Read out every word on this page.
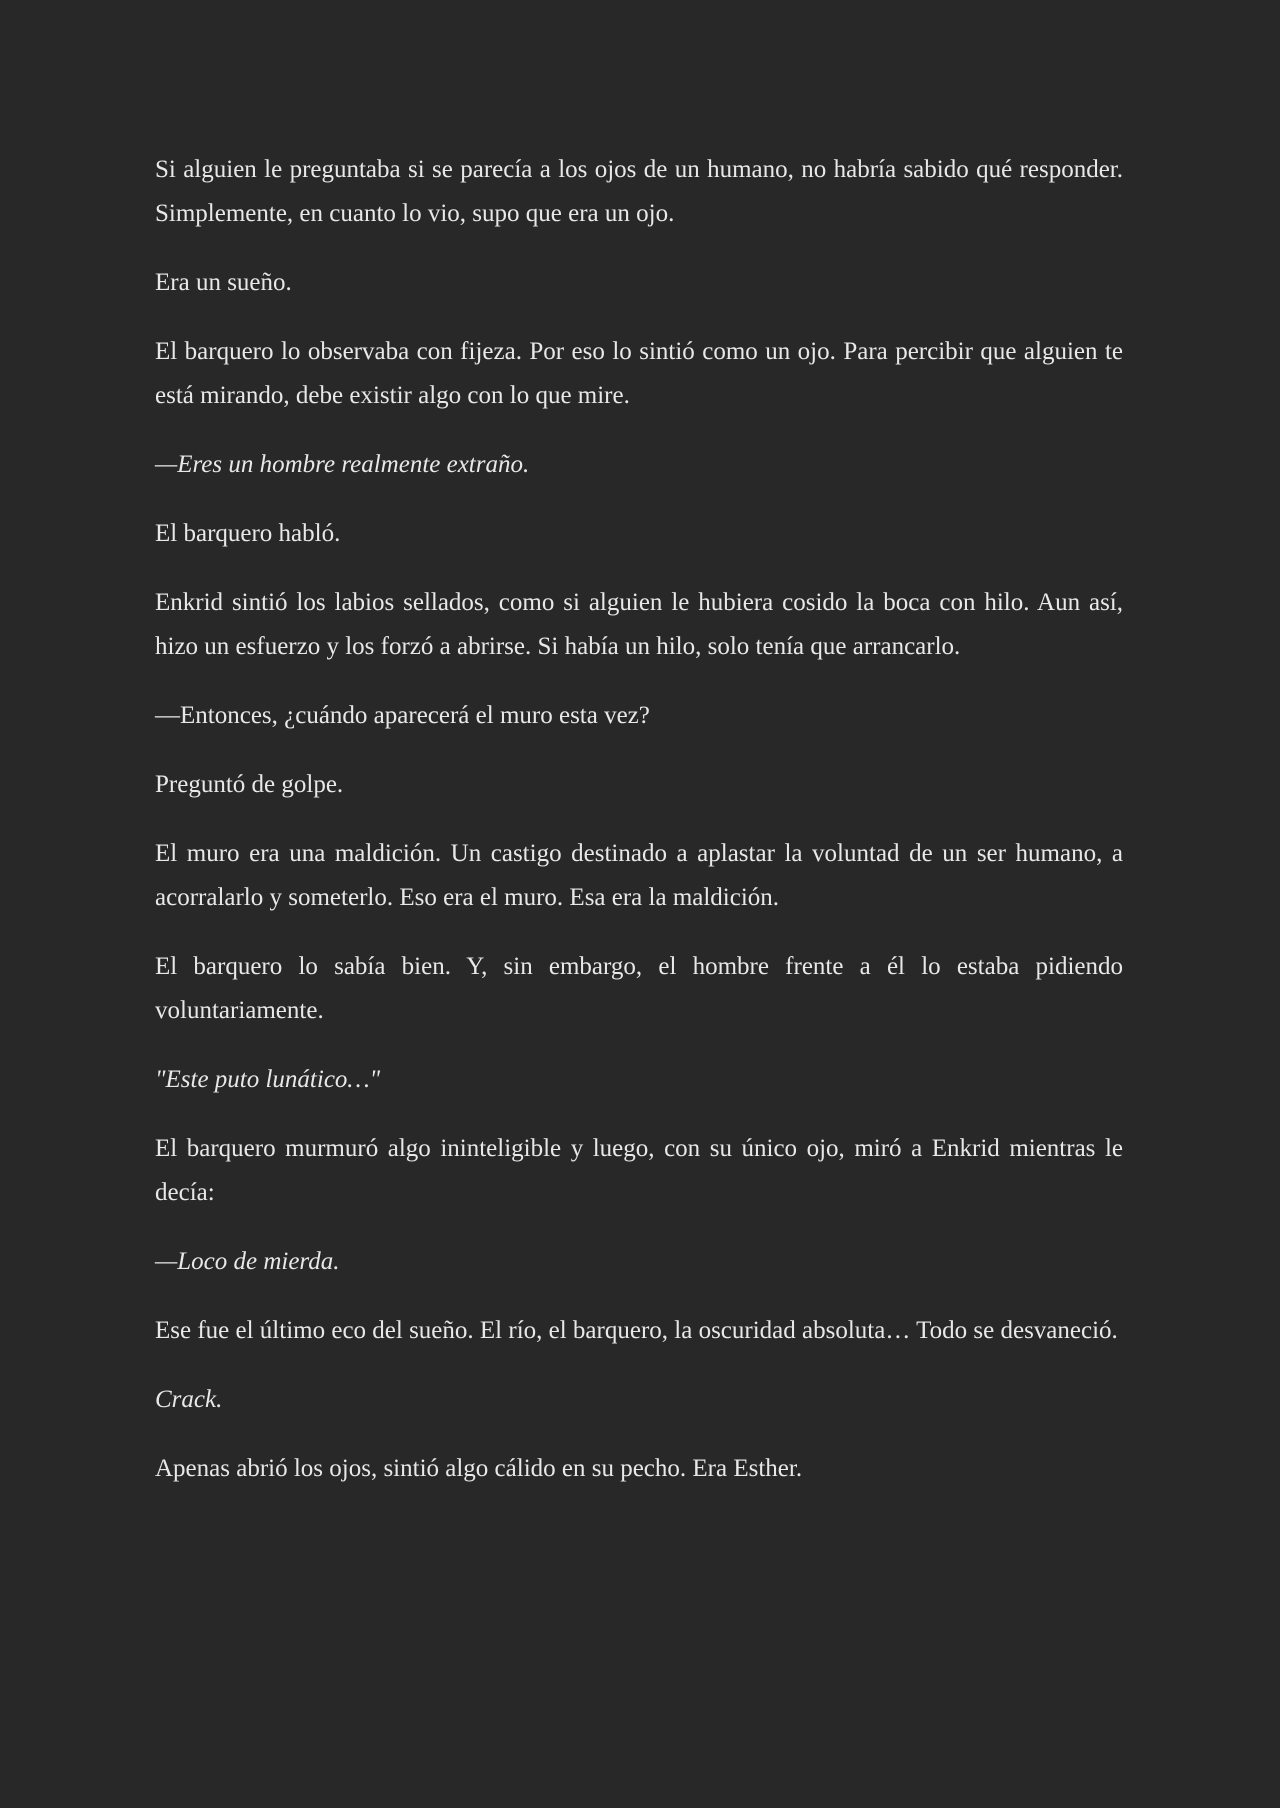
Si alguien le preguntaba si se parecía a los ojos de un humano, no habría sabido qué responder. Simplemente, en cuanto lo vio, supo que era un ojo.

Era un sueño.

El barquero lo observaba con fijeza. Por eso lo sintió como un ojo. Para percibir que alguien te está mirando, debe existir algo con lo que mire.

—Eres un hombre realmente extraño.

El barquero habló.

Enkrid sintió los labios sellados, como si alguien le hubiera cosido la boca con hilo. Aun así, hizo un esfuerzo y los forzó a abrirse. Si había un hilo, solo tenía que arrancarlo.

—Entonces, ¿cuándo aparecerá el muro esta vez?

Preguntó de golpe.

El muro era una maldición. Un castigo destinado a aplastar la voluntad de un ser humano, a acorralarlo y someterlo. Eso era el muro. Esa era la maldición.

El barquero lo sabía bien. Y, sin embargo, el hombre frente a él lo estaba pidiendo voluntariamente.

"Este puto lunático…"

El barquero murmuró algo ininteligible y luego, con su único ojo, miró a Enkrid mientras le decía:

—Loco de mierda.

Ese fue el último eco del sueño. El río, el barquero, la oscuridad absoluta… Todo se desvaneció.

Crack.

Apenas abrió los ojos, sintió algo cálido en su pecho. Era Esther.
